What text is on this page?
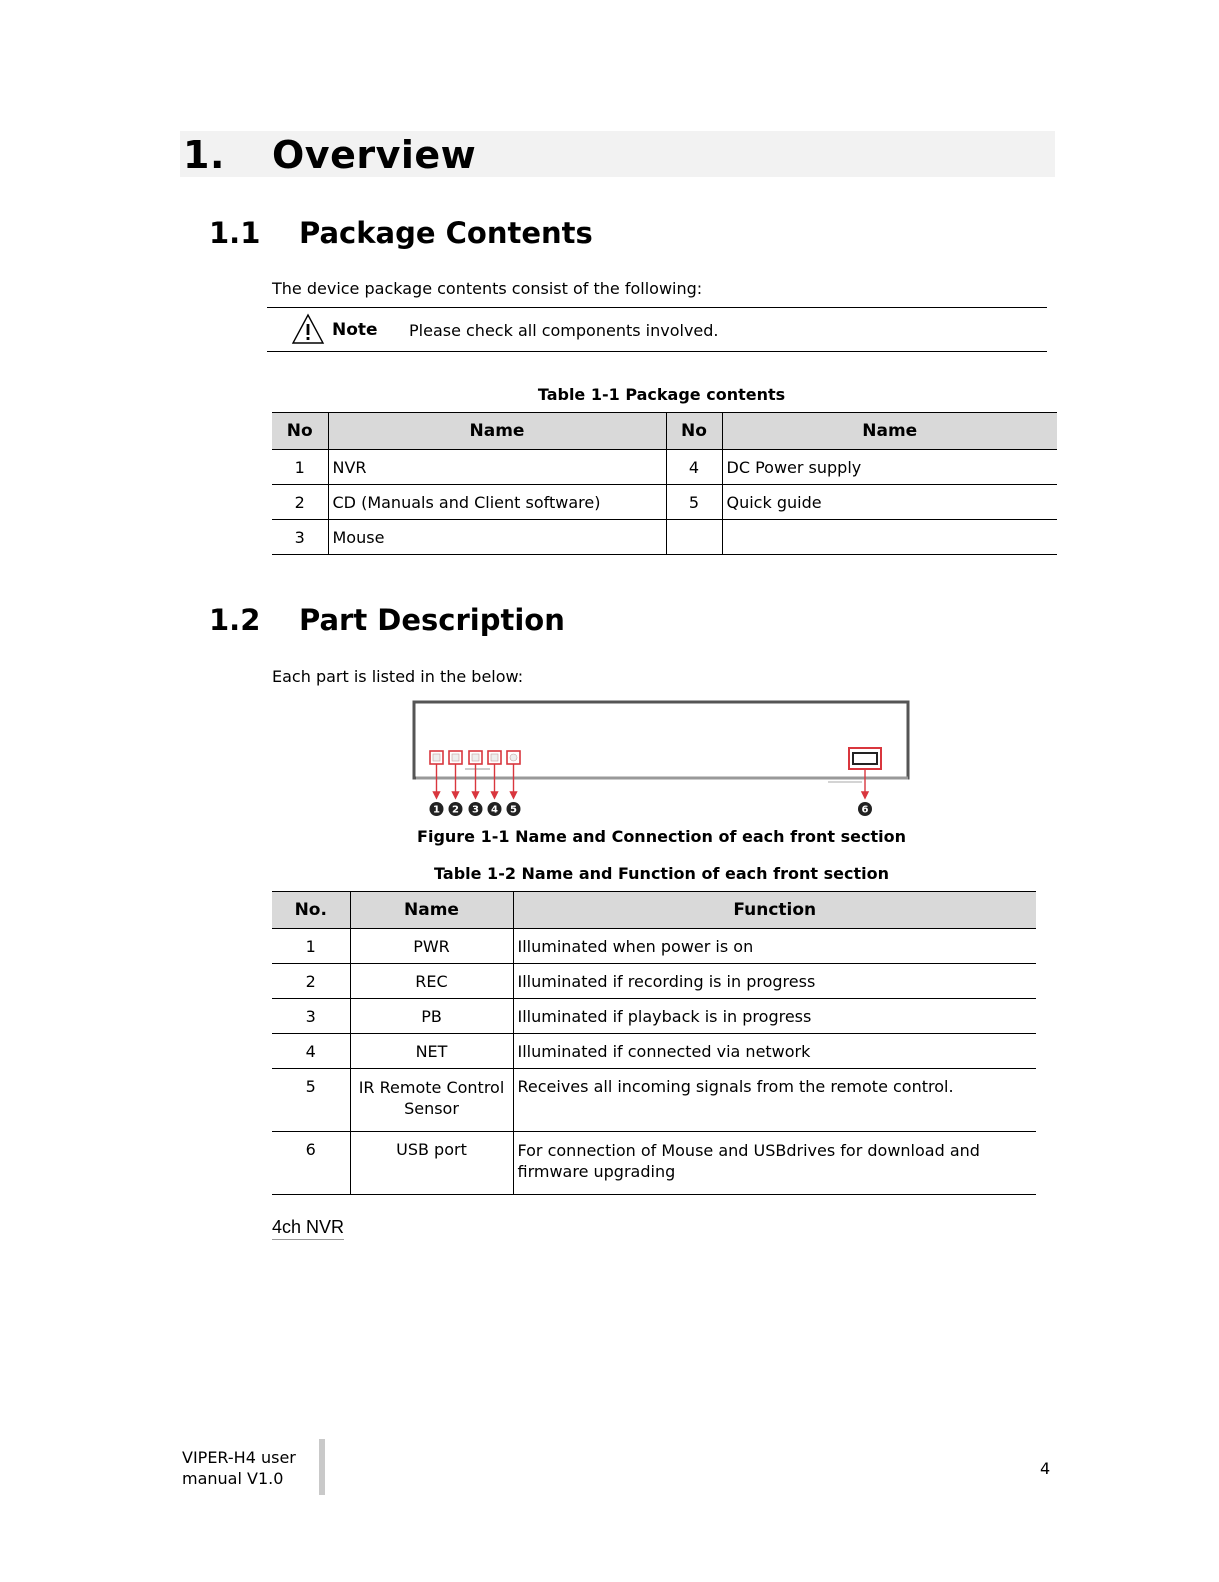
1. Overview
1.1 Package Contents
The device package contents consist of the following:
Note Please check all components involved.
Table 1-1 Package contents
No	Name	No	Name
1	NVR	4	DC Power supply
2	CD (Manuals and Client software)	5	Quick guide
3	Mouse		
1.2 Part Description
Each part is listed in the below:
1 2 3 4 5	6
Figure 1-1 Name and Connection of each front section
Table 1-2 Name and Function of each front section
No.	Name	Function
1	PWR	Illuminated when power is on
2	REC	Illuminated if recording is in progress
3	PB	Illuminated if playback is in progress
4	NET	Illuminated if connected via network
5	IR Remote Control Sensor	Receives all incoming signals from the remote control.
6	USB port	For connection of Mouse and USBdrives for download and firmware upgrading
4ch NVR
VIPER-H4 user
manual V1.0
4
